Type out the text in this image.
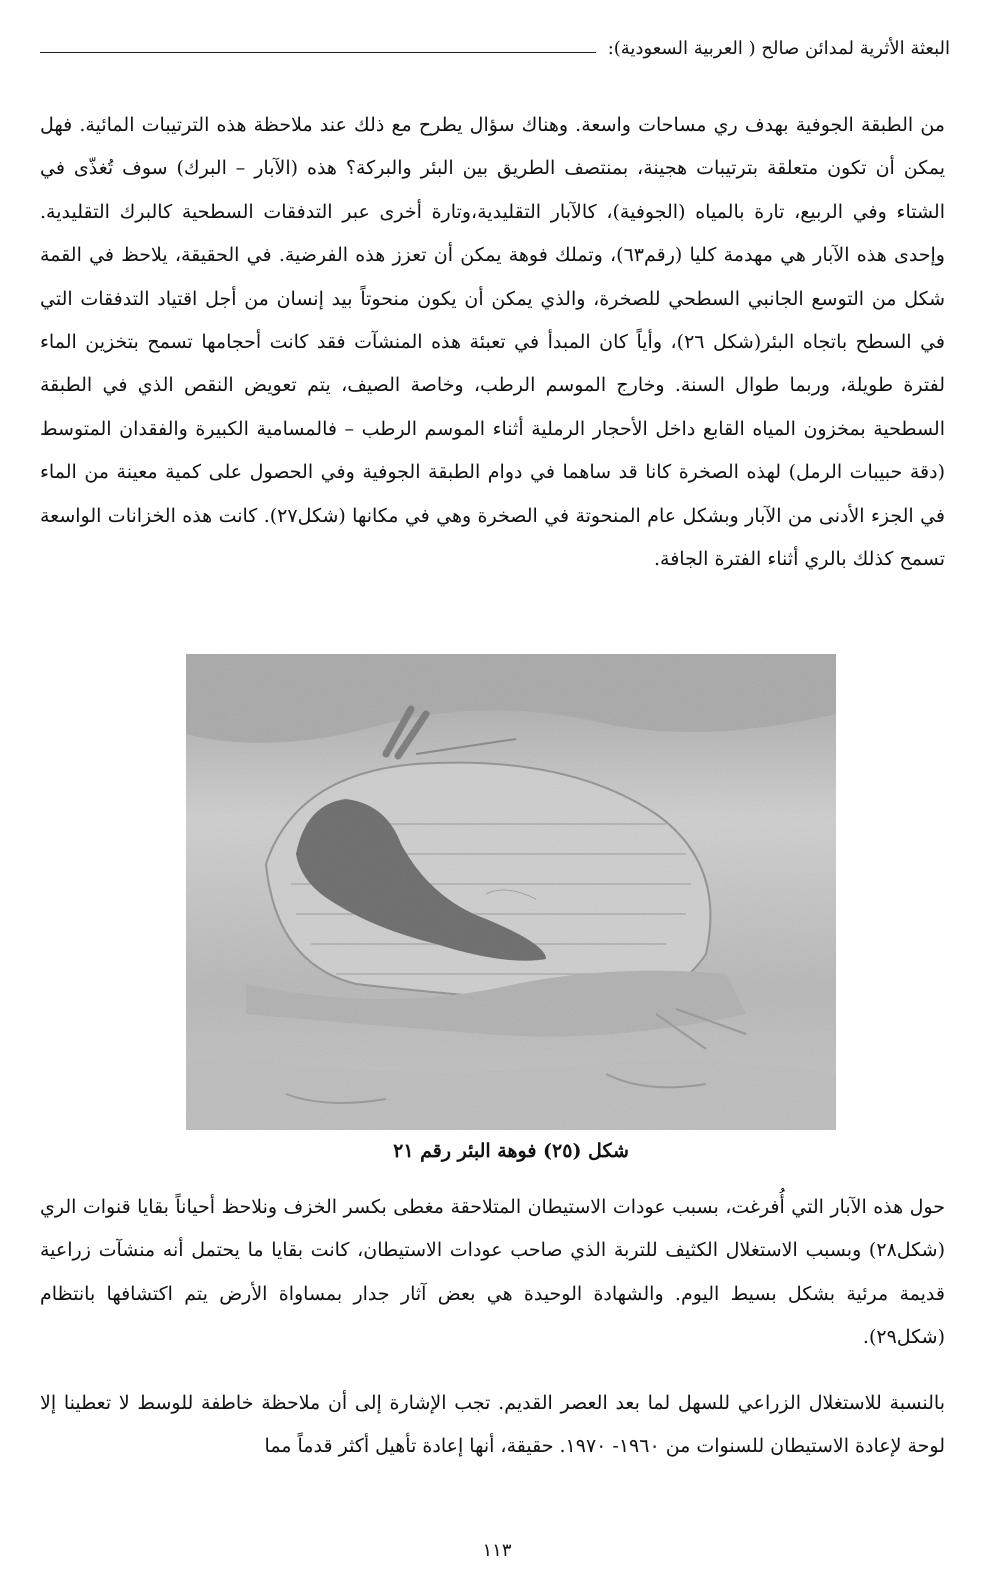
البعثة الأثرية لمدائن صالح ( العربية السعودية):

من الطبقة الجوفية بهدف ري مساحات واسعة. وهناك سؤال يطرح مع ذلك عند ملاحظة هذه الترتيبات المائية. فهل يمكن أن تكون متعلقة بترتيبات هجينة، بمنتصف الطريق بين البئر والبركة؟ هذه (الآبار – البرك) سوف تُغذّى في الشتاء وفي الربيع، تارة بالمياه (الجوفية)، كالآبار التقليدية،وتارة أخرى عبر التدفقات السطحية كالبرك التقليدية. وإحدى هذه الآبار هي مهدمة كليا (رقم٦٣)، وتملك فوهة يمكن أن تعزز هذه الفرضية. في الحقيقة، يلاحظ في القمة شكل من التوسع الجانبي السطحي للصخرة، والذي يمكن أن يكون منحوتاً بيد إنسان من أجل اقتياد التدفقات التي في السطح باتجاه البئر(شكل ٢٦)، وأياً كان المبدأ في تعبئة هذه المنشآت فقد كانت أحجامها تسمح بتخزين الماء لفترة طويلة، وربما طوال السنة. وخارج الموسم الرطب، وخاصة الصيف، يتم تعويض النقص الذي في الطبقة السطحية بمخزون المياه القابع داخل الأحجار الرملية أثناء الموسم الرطب – فالمسامية الكبيرة والفقدان المتوسط (دقة حبيبات الرمل) لهذه الصخرة كانا قد ساهما في دوام الطبقة الجوفية وفي الحصول على كمية معينة من الماء في الجزء الأدنى من الآبار وبشكل عام المنحوتة في الصخرة وهي في مكانها (شكل٢٧). كانت هذه الخزانات الواسعة تسمح كذلك بالري أثناء الفترة الجافة.

شكل (٢٥) فوهة البئر رقم ٢١

حول هذه الآبار التي أُفرغت، بسبب عودات الاستيطان المتلاحقة مغطى بكسر الخزف ونلاحظ أحياناً بقايا قنوات الري (شكل٢٨) وبسبب الاستغلال الكثيف للتربة الذي صاحب عودات الاستيطان، كانت بقايا ما يحتمل أنه منشآت زراعية قديمة مرئية بشكل بسيط اليوم. والشهادة الوحيدة هي بعض آثار جدار بمساواة الأرض يتم اكتشافها بانتظام (شكل٢٩).

بالنسبة للاستغلال الزراعي للسهل لما بعد العصر القديم. تجب الإشارة إلى أن ملاحظة خاطفة للوسط لا تعطينا إلا لوحة لإعادة الاستيطان للسنوات من ١٩٦٠- ١٩٧٠. حقيقة، أنها إعادة تأهيل أكثر قدماً مما

١١٣
